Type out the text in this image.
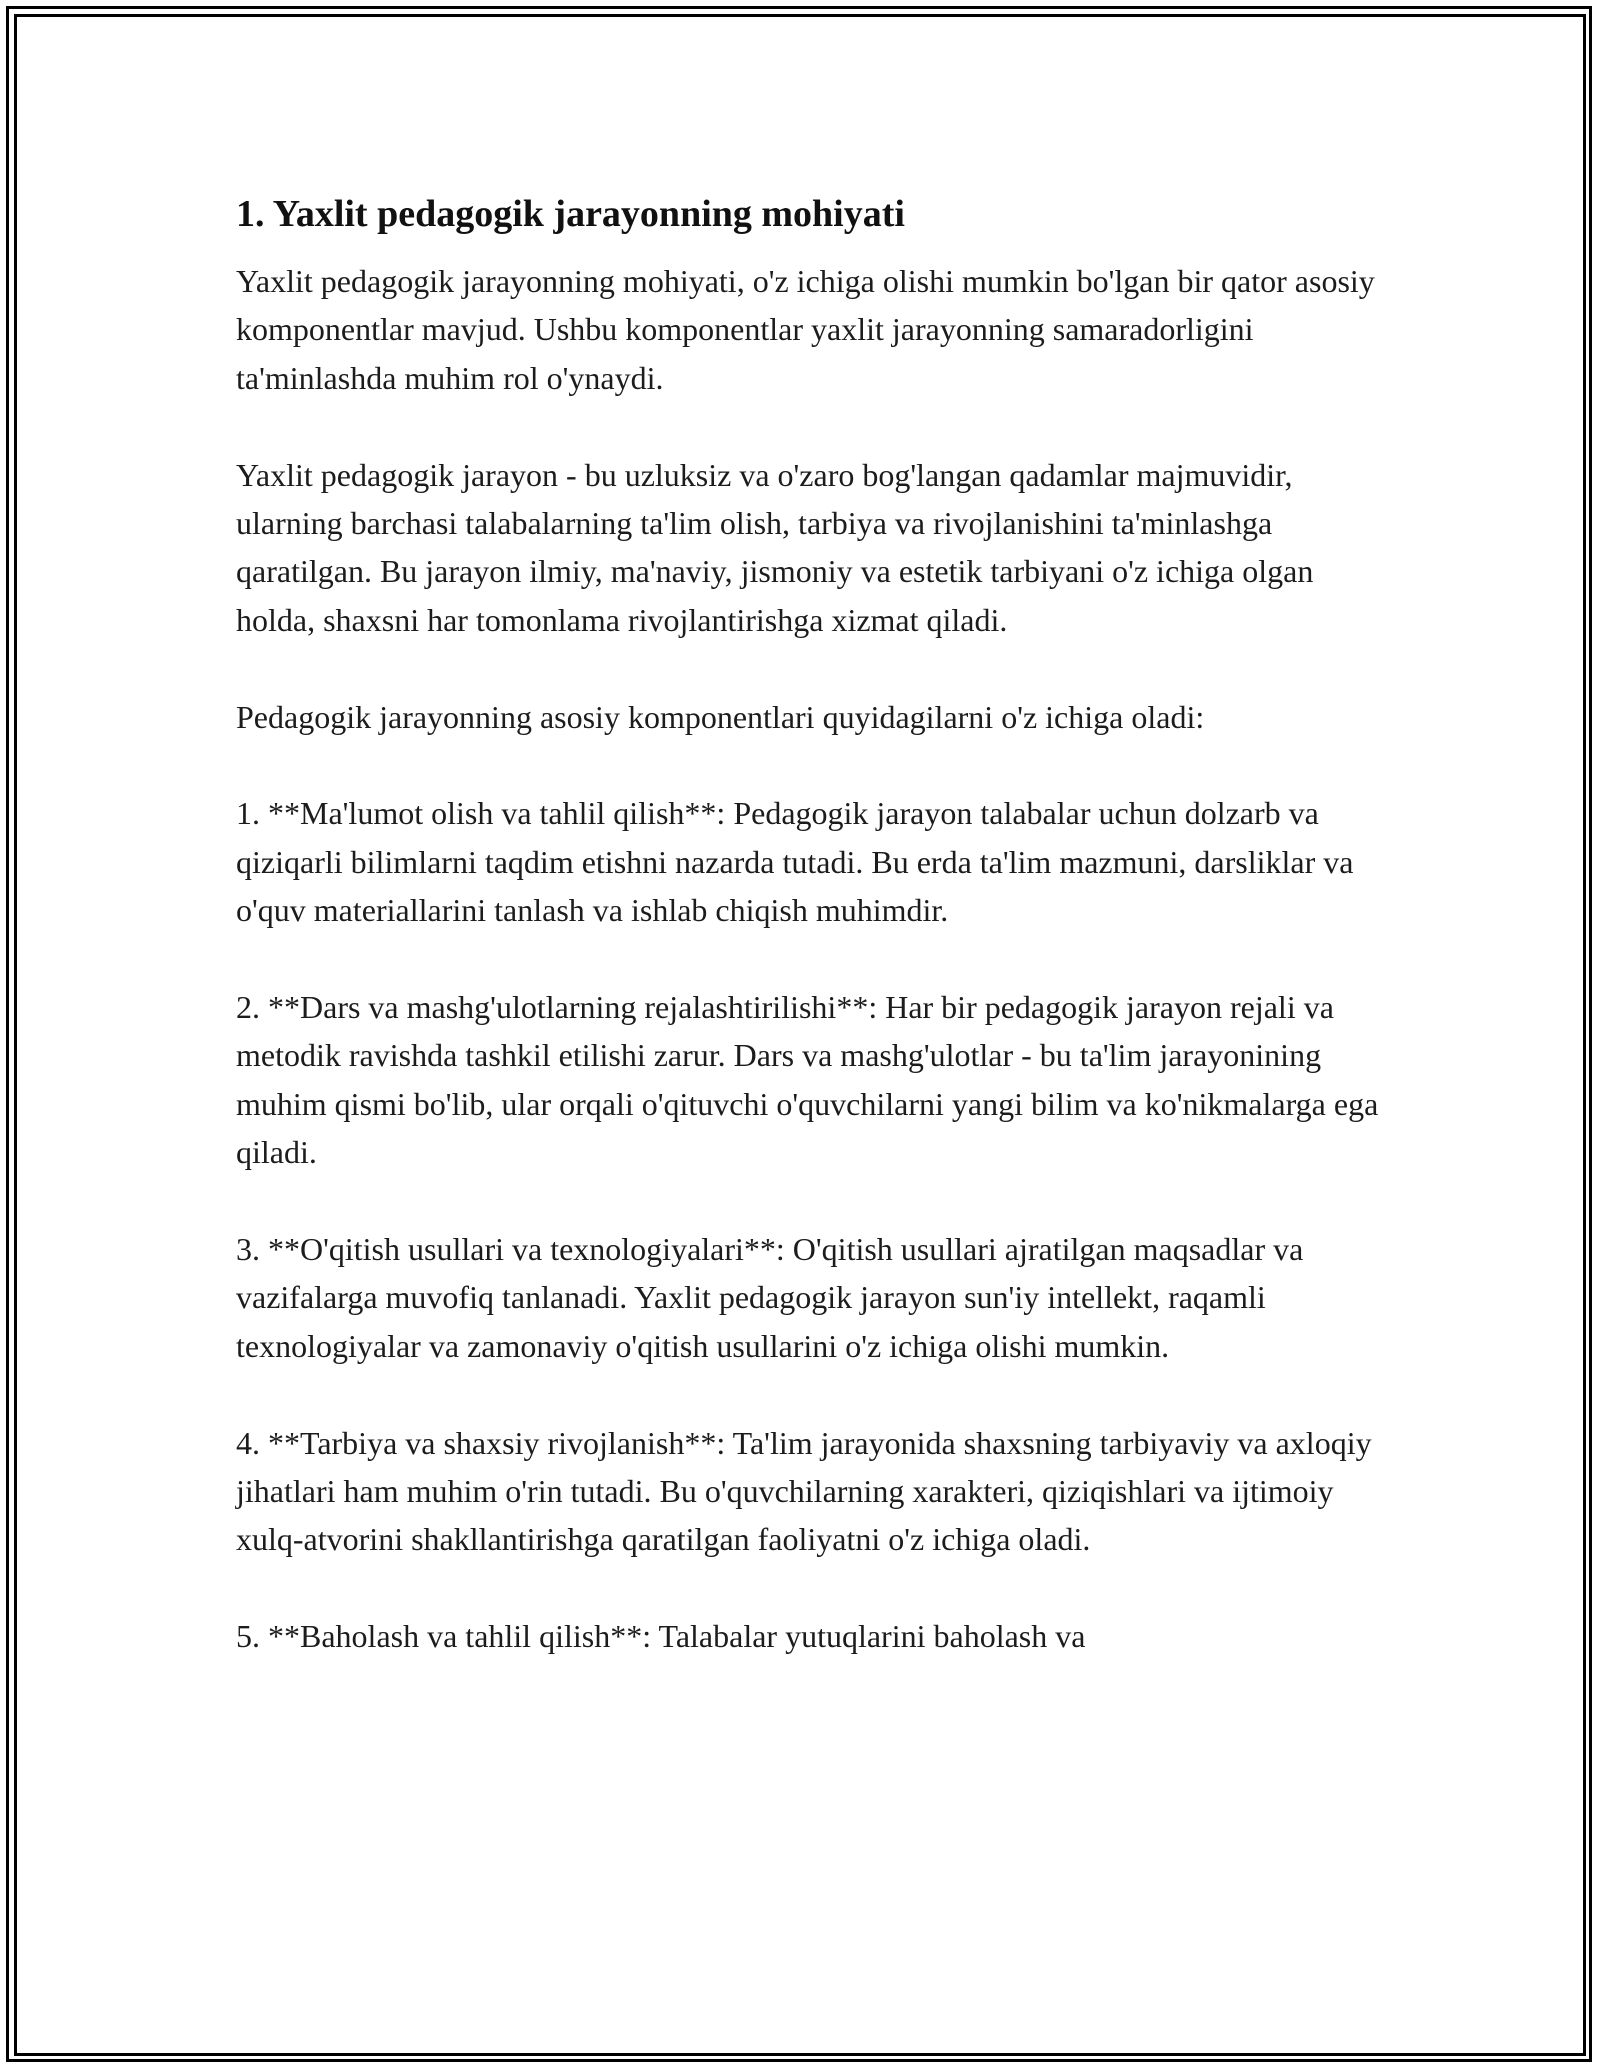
1. Yaxlit pedagogik jarayonning mohiyati

Yaxlit pedagogik jarayonning mohiyati, o'z ichiga olishi mumkin bo'lgan bir qator asosiy komponentlar mavjud. Ushbu komponentlar yaxlit jarayonning samaradorligini ta'minlashda muhim rol o'ynaydi.

Yaxlit pedagogik jarayon - bu uzluksiz va o'zaro bog'langan qadamlar majmuvidir, ularning barchasi talabalarning ta'lim olish, tarbiya va rivojlanishini ta'minlashga qaratilgan. Bu jarayon ilmiy, ma'naviy, jismoniy va estetik tarbiyani o'z ichiga olgan holda, shaxsni har tomonlama rivojlantirishga xizmat qiladi.

Pedagogik jarayonning asosiy komponentlari quyidagilarni o'z ichiga oladi:

1. **Ma'lumot olish va tahlil qilish**: Pedagogik jarayon talabalar uchun dolzarb va qiziqarli bilimlarni taqdim etishni nazarda tutadi. Bu erda ta'lim mazmuni, darsliklar va o'quv materiallarini tanlash va ishlab chiqish muhimdir.

2. **Dars va mashg'ulotlarning rejalashtirilishi**: Har bir pedagogik jarayon rejali va metodik ravishda tashkil etilishi zarur. Dars va mashg'ulotlar - bu ta'lim jarayonining muhim qismi bo'lib, ular orqali o'qituvchi o'quvchilarni yangi bilim va ko'nikmalarga ega qiladi.

3. **O'qitish usullari va texnologiyalari**: O'qitish usullari ajratilgan maqsadlar va vazifalarga muvofiq tanlanadi. Yaxlit pedagogik jarayon sun'iy intellekt, raqamli texnologiyalar va zamonaviy o'qitish usullarini o'z ichiga olishi mumkin.

4. **Tarbiya va shaxsiy rivojlanish**: Ta'lim jarayonida shaxsning tarbiyaviy va axloqiy jihatlari ham muhim o'rin tutadi. Bu o'quvchilarning xarakteri, qiziqishlari va ijtimoiy xulq-atvorini shakllantirishga qaratilgan faoliyatni o'z ichiga oladi.

5. **Baholash va tahlil qilish**: Talabalar yutuqlarini baholash va
